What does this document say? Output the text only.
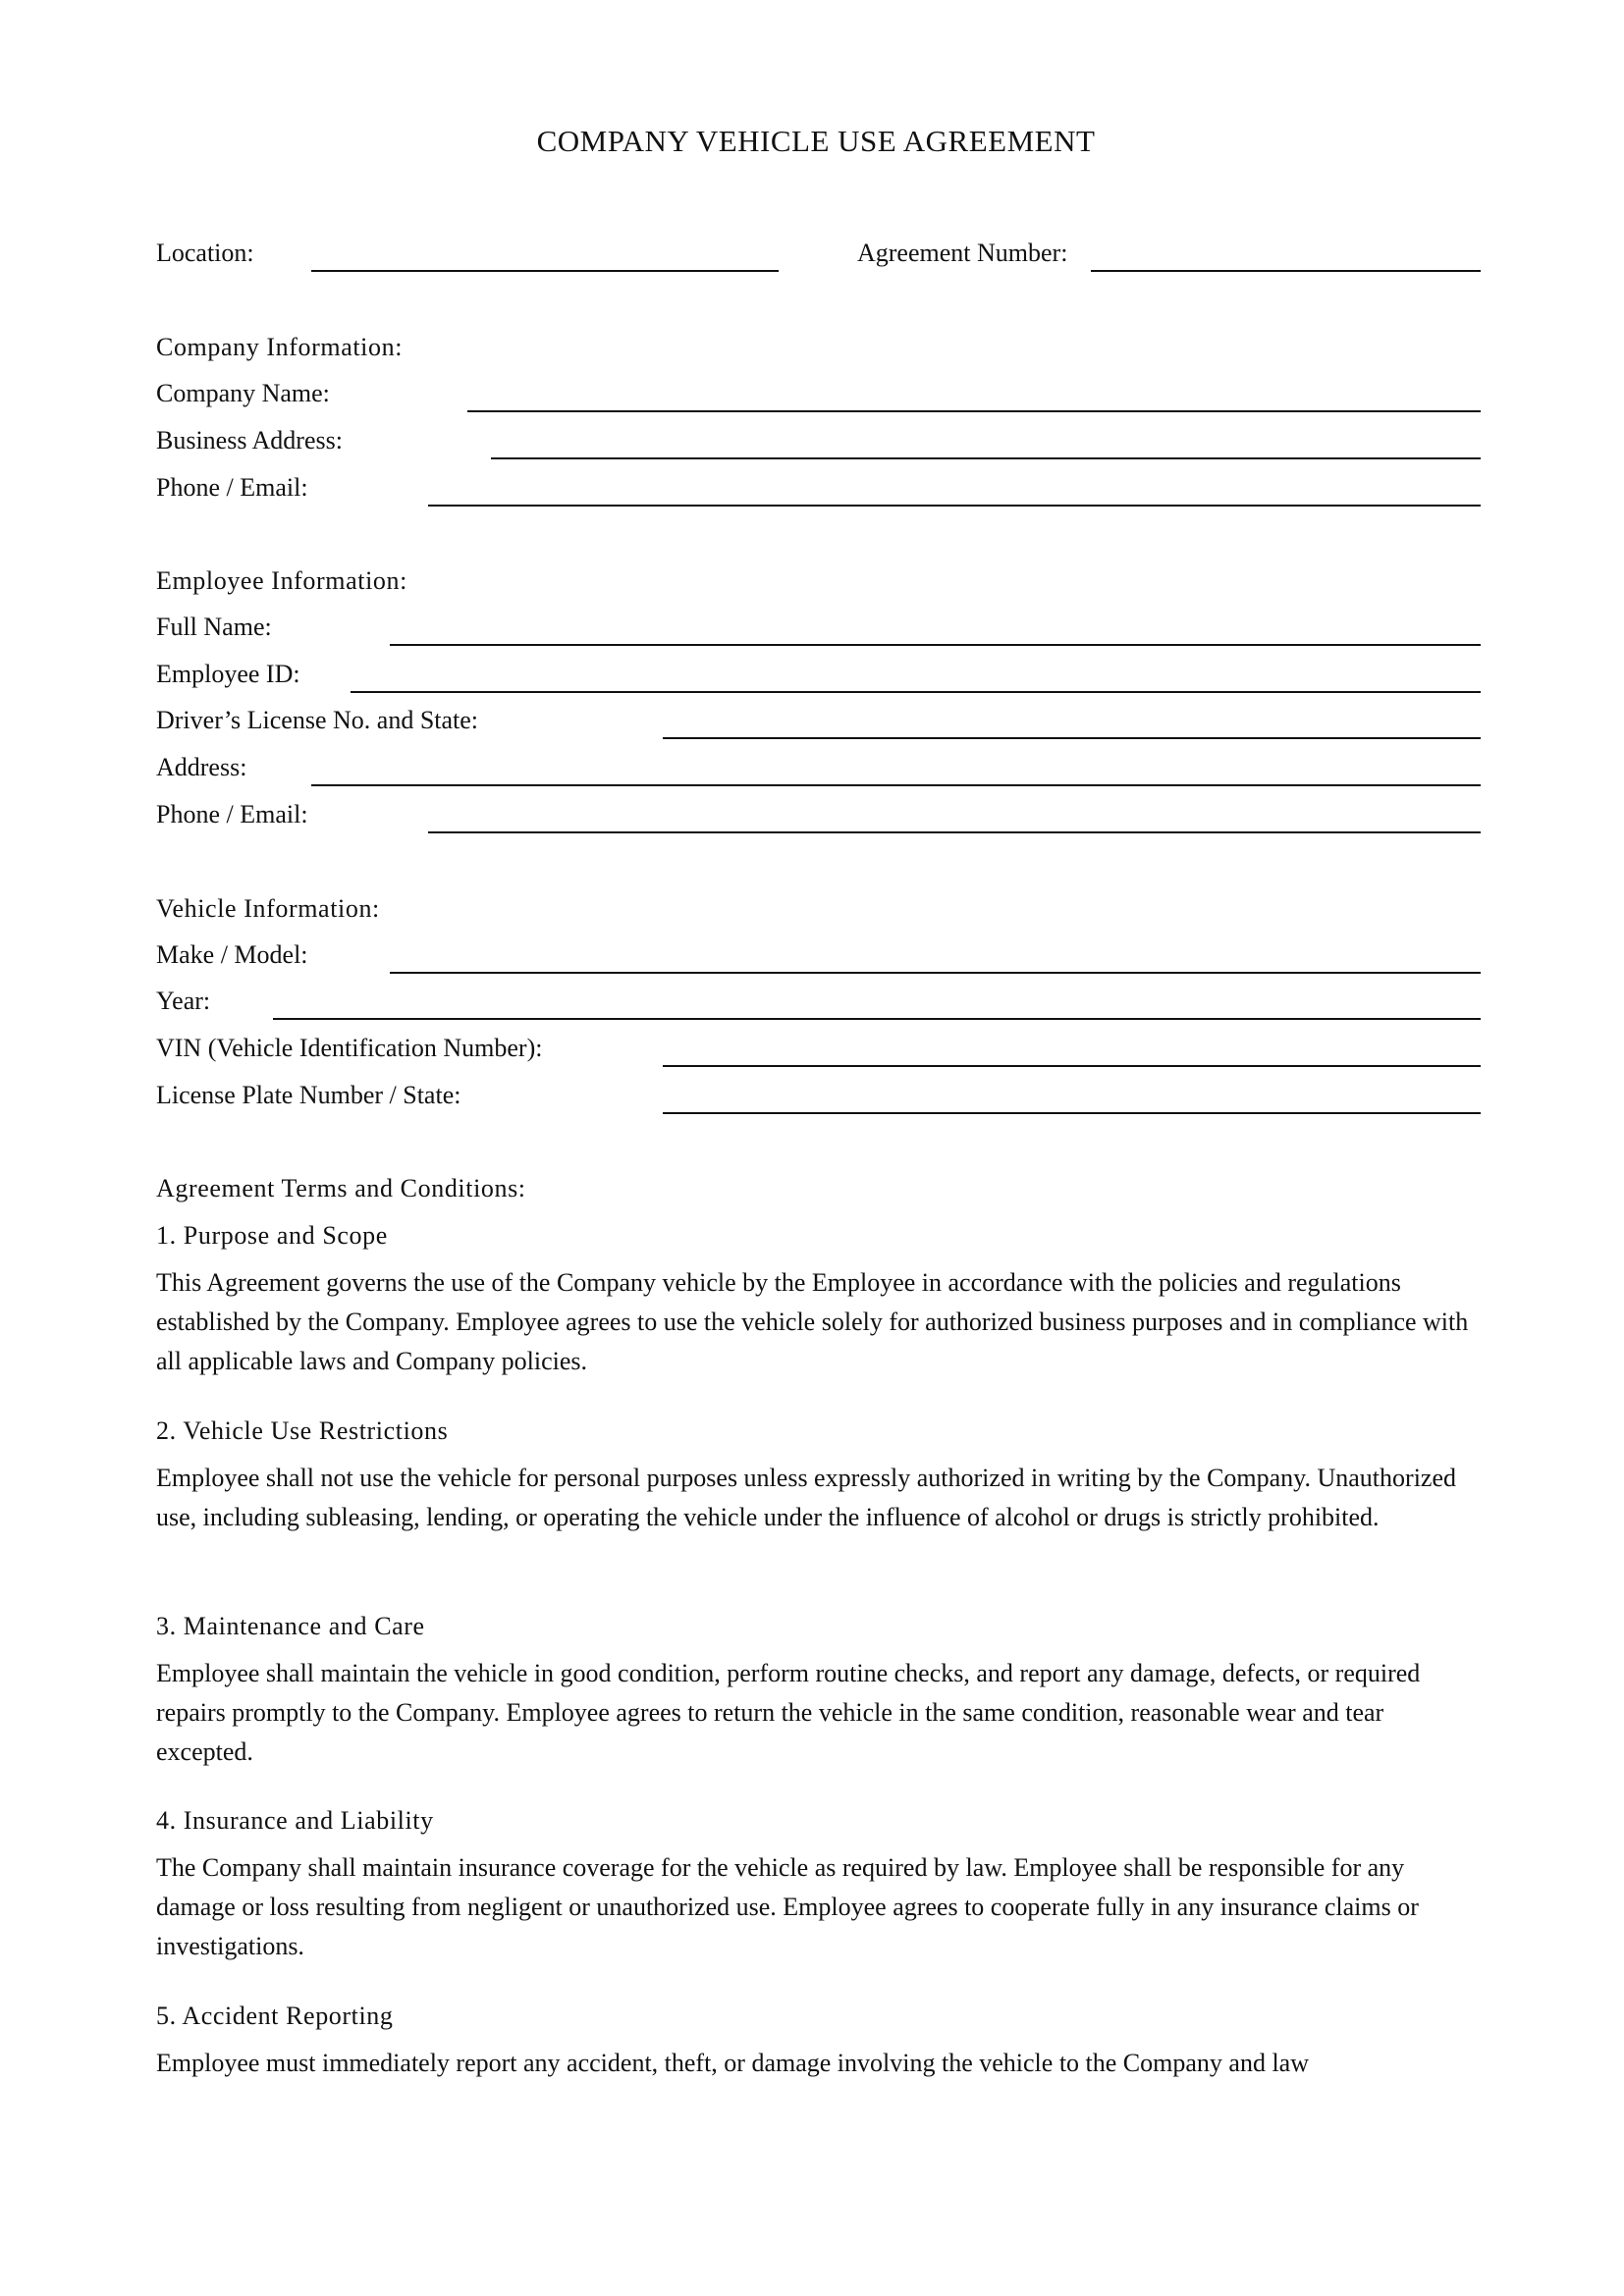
COMPANY VEHICLE USE AGREEMENT
Location:	Agreement Number:
Company Information:
Company Name:
Business Address:
Phone / Email:
Employee Information:
Full Name:
Employee ID:
Driver’s License No. and State:
Address:
Phone / Email:
Vehicle Information:
Make / Model:
Year:
VIN (Vehicle Identification Number):
License Plate Number / State:
Agreement Terms and Conditions:
1. Purpose and Scope
This Agreement governs the use of the Company vehicle by the Employee in accordance with the policies and regulations established by the Company. Employee agrees to use the vehicle solely for authorized business purposes and in compliance with all applicable laws and Company policies.
2. Vehicle Use Restrictions
Employee shall not use the vehicle for personal purposes unless expressly authorized in writing by the Company. Unauthorized use, including subleasing, lending, or operating the vehicle under the influence of alcohol or drugs is strictly prohibited.
3. Maintenance and Care
Employee shall maintain the vehicle in good condition, perform routine checks, and report any damage, defects, or required repairs promptly to the Company. Employee agrees to return the vehicle in the same condition, reasonable wear and tear excepted.
4. Insurance and Liability
The Company shall maintain insurance coverage for the vehicle as required by law. Employee shall be responsible for any damage or loss resulting from negligent or unauthorized use. Employee agrees to cooperate fully in any insurance claims or investigations.
5. Accident Reporting
Employee must immediately report any accident, theft, or damage involving the vehicle to the Company and law
